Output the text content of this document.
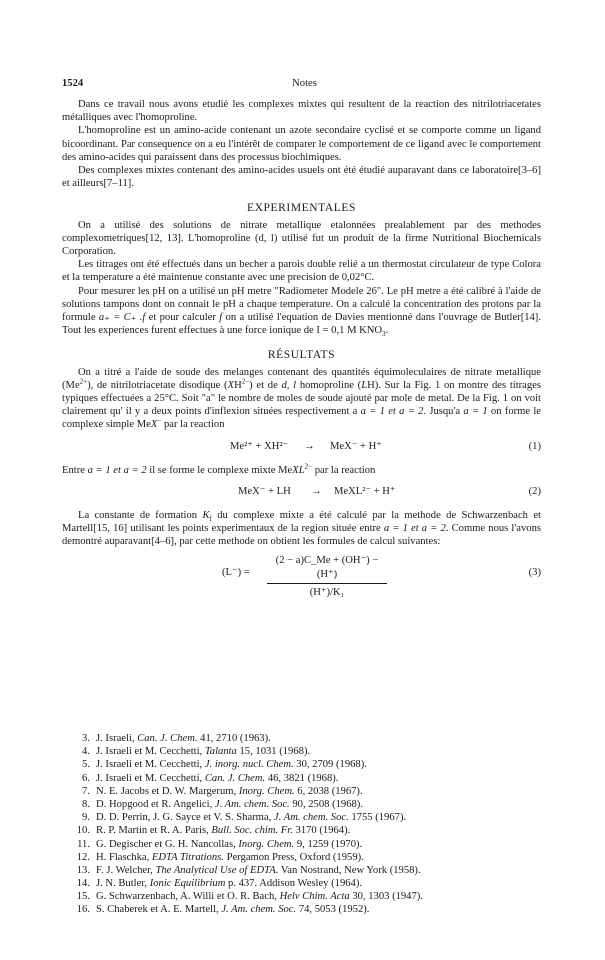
1524	Notes

Dans ce travail nous avons etudié les complexes mixtes qui resultent de la reaction des nitrilotriacetates métalliques avec l'homoproline.

L'homoproline est un amino-acide contenant un azote secondaire cyclisé et se comporte comme un ligand bicoordinant. Par consequence on a eu l'intérêt de comparer le comportement de ce ligand avec le comportement des amino-acides qui paraissent dans des processus biochimiques.

Des complexes mixtes contenant des amino-acides usuels ont été étudié auparavant dans ce laboratoire[3–6] et ailleurs[7–11].

EXPERIMENTALES

On a utilisé des solutions de nitrate metallique etalonnées prealablement par des methodes complexometriques[12, 13]. L'homoproline (d, l) utilisé fut un produit de la firme Nutritional Biochemicals Corporation.

Les titrages ont été effectués dans un becher a parois double relié a un thermostat circulateur de type Colora et la temperature a été maintenue constante avec une precision de 0,02°C.

Pour mesurer les pH on a utilisé un pH metre "Radiometer Modele 26". Le pH metre a été calibré à l'aide de solutions tampons dont on connait le pH a chaque temperature. On a calculé la concentration des protons par la formule a₊ = C₊ .f et pour calculer f on a utilisé l'equation de Davies mentionné dans l'ouvrage de Butler[14]. Tout les experiences furent effectues à une force ionique de I = 0,1 M $KNO_3$.

RÉSULTATS

On a titré a l'aide de soude des melanges contenant des quantités équimoleculaires de nitrate metallique $(Me^{2+})$, de nitrilotriacetate disodique $(XH^{2-})$ et de d, l homoproline (LH). Sur la Fig. 1 on montre des titrages typiques effectuées a 25°C. Soit "a" le nombre de moles de soude ajouté par mole de metal. De la Fig. 1 on voit clairement qu' il y a deux points d'inflexion situées respectivement a a = 1 et a = 2. Jusqu'a a = 1 on forme le complexe simple MeX− par la reaction

Me²⁺ + XH²⁻ → MeX⁻ + H⁺	(1)

Entre a = 1 et a = 2 il se forme le complexe mixte MeXL$^{2-}$ par la reaction

MeX⁻ + LH → MeXL²⁻ + H⁺	(2)

La constante de formation $K_f$ du complexe mixte a été calculé par la methode de Schwarzenbach et Martell[15, 16] utilisant les points experimentaux de la region située entre a = 1 et a = 2. Comme nous l'avons demontré auparavant[4–6], par cette methode on obtient les formules de calcul suivantes:

$(L^-) = \frac{(2 - a)C\_Me + (OH^-) - (H^+)}{\text{(H⁺)/K₁}}$	(3)
3. J. Israeli, Can. J. Chem. 41, 2710 (1963).
4. J. Israeli et M. Cecchetti, Talanta 15, 1031 (1968).
5. J. Israeli et M. Cecchetti, J. inorg. nucl. Chem. 30, 2709 (1968).
6. J. Israeli et M. Cecchetti, Can. J. Chem. 46, 3821 (1968).
7. N. E. Jacobs et D. W. Margerum, Inorg. Chem. 6, 2038 (1967).
8. D. Hopgood et R. Angelici, J. Am. chem. Soc. 90, 2508 (1968).
9. D. D. Perrin, J. G. Sayce et V. S. Sharma, J. Am. chem. Soc. 1755 (1967).
10. R. P. Martin et R. A. Paris, Bull. Soc. chim. Fr. 3170 (1964).
11. G. Degischer et G. H. Nancollas, Inorg. Chem. 9, 1259 (1970).
12. H. Flaschka, EDTA Titrations. Pergamon Press, Oxford (1959).
13. F. J. Welcher, The Analytical Use of EDTA. Van Nostrand, New York (1958).
14. J. N. Butler, Ionic Equilibrium p. 437. Addison Wesley (1964).
15. G. Schwarzenbach, A. Willi et O. R. Bach, Helv Chim. Acta 30, 1303 (1947).
16. S. Chaberek et A. E. Martell, J. Am. chem. Soc. 74, 5053 (1952).
